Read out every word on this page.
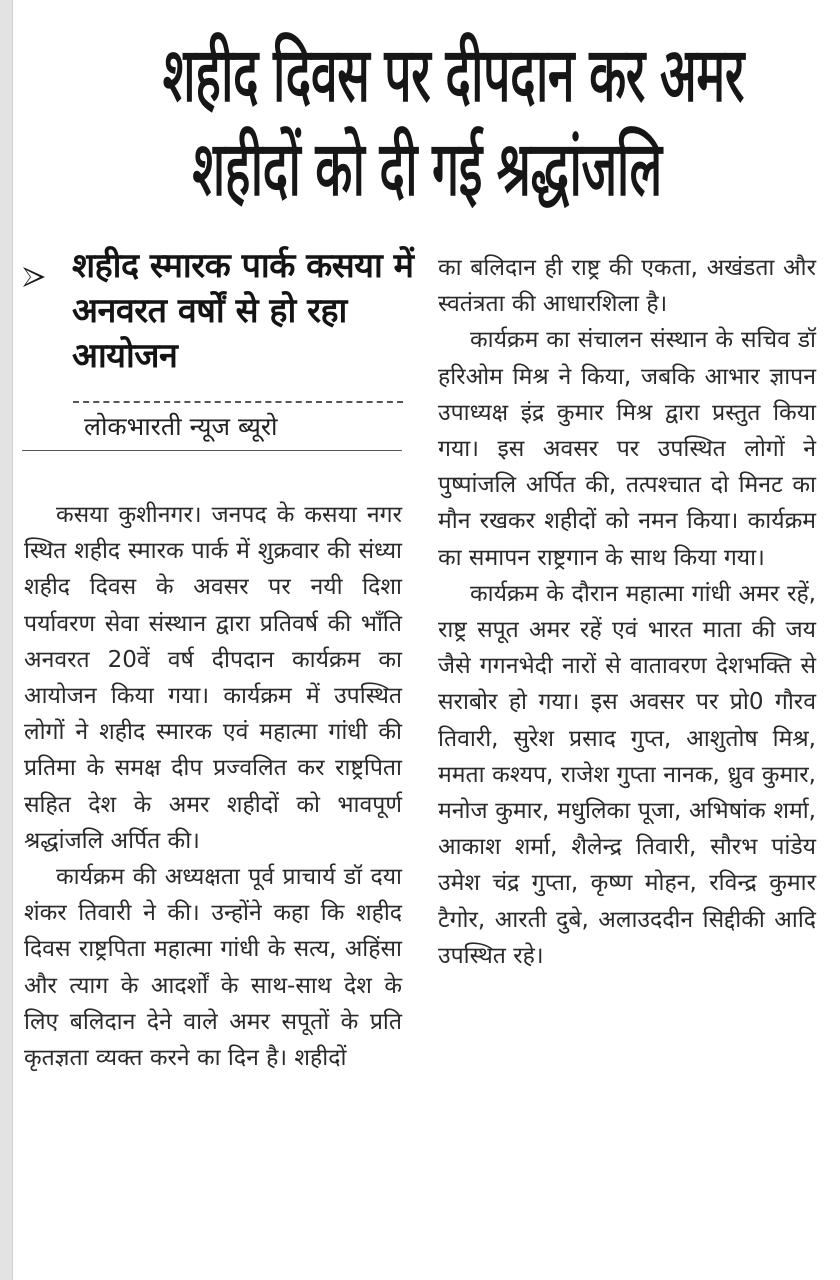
शहीद दिवस पर दीपदान कर अमर
शहीदों को दी गई श्रद्धांजलि
शहीद स्मारक पार्क कसया में अनवरत वर्षों से हो रहा आयोजन
लोकभारती न्यूज ब्यूरो

कसया कुशीनगर। जनपद के कसया नगर स्थित शहीद स्मारक पार्क में शुक्रवार की संध्या शहीद दिवस के अवसर पर नयी दिशा पर्यावरण सेवा संस्थान द्वारा प्रतिवर्ष की भाँति अनवरत 20वें वर्ष दीपदान कार्यक्रम का आयोजन किया गया। कार्यक्रम में उपस्थित लोगों ने शहीद स्मारक एवं महात्मा गांधी की प्रतिमा के समक्ष दीप प्रज्वलित कर राष्ट्रपिता सहित देश के अमर शहीदों को भावपूर्ण श्रद्धांजलि अर्पित की।

कार्यक्रम की अध्यक्षता पूर्व प्राचार्य डॉ दया शंकर तिवारी ने की। उन्होंने कहा कि शहीद दिवस राष्ट्रपिता महात्मा गांधी के सत्य, अहिंसा और त्याग के आदर्शों के साथ-साथ देश के लिए बलिदान देने वाले अमर सपूतों के प्रति कृतज्ञता व्यक्त करने का दिन है। शहीदों

का बलिदान ही राष्ट्र की एकता, अखंडता और स्वतंत्रता की आधारशिला है।

कार्यक्रम का संचालन संस्थान के सचिव डॉ हरिओम मिश्र ने किया, जबकि आभार ज्ञापन उपाध्यक्ष इंद्र कुमार मिश्र द्वारा प्रस्तुत किया गया। इस अवसर पर उपस्थित लोगों ने पुष्पांजलि अर्पित की, तत्पश्चात दो मिनट का मौन रखकर शहीदों को नमन किया। कार्यक्रम का समापन राष्ट्रगान के साथ किया गया।

कार्यक्रम के दौरान महात्मा गांधी अमर रहें, राष्ट्र सपूत अमर रहें एवं भारत माता की जय जैसे गगनभेदी नारों से वातावरण देशभक्ति से सराबोर हो गया। इस अवसर पर प्रो0 गौरव तिवारी, सुरेश प्रसाद गुप्त, आशुतोष मिश्र, ममता कश्यप, राजेश गुप्ता नानक, ध्रुव कुमार, मनोज कुमार, मधुलिका पूजा, अभिषांक शर्मा, आकाश शर्मा, शैलेन्द्र तिवारी, सौरभ पांडेय उमेश चंद्र गुप्ता, कृष्ण मोहन, रविन्द्र कुमार टैगोर, आरती दुबे, अलाउददीन सिद्दीकी आदि उपस्थित रहे।
